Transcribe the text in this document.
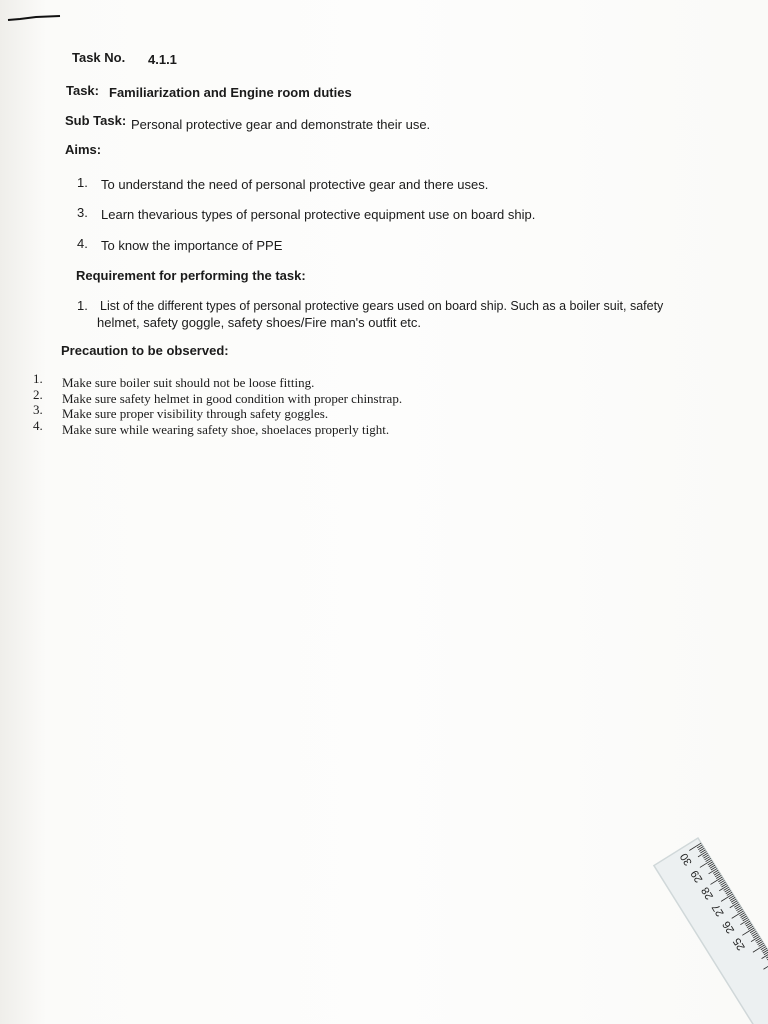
Task No. 4.1.1
Task: Familiarization and Engine room duties
Sub Task: Personal protective gear and demonstrate their use.
Aims:
1. To understand the need of personal protective gear and there uses.
3. Learn thevarious types of personal protective equipment use on board ship.
4. To know the importance of PPE
Requirement for performing the task:
1. List of the different types of personal protective gears used on board ship. Such as a boiler suit, safety
helmet, safety goggle, safety shoes/Fire man's outfit etc.
Precaution to be observed:
1. Make sure boiler suit should not be loose fitting.
2. Make sure safety helmet in good condition with proper chinstrap.
3. Make sure proper visibility through safety goggles.
4. Make sure while wearing safety shoe, shoelaces properly tight.
30
29
28
27
26
25
